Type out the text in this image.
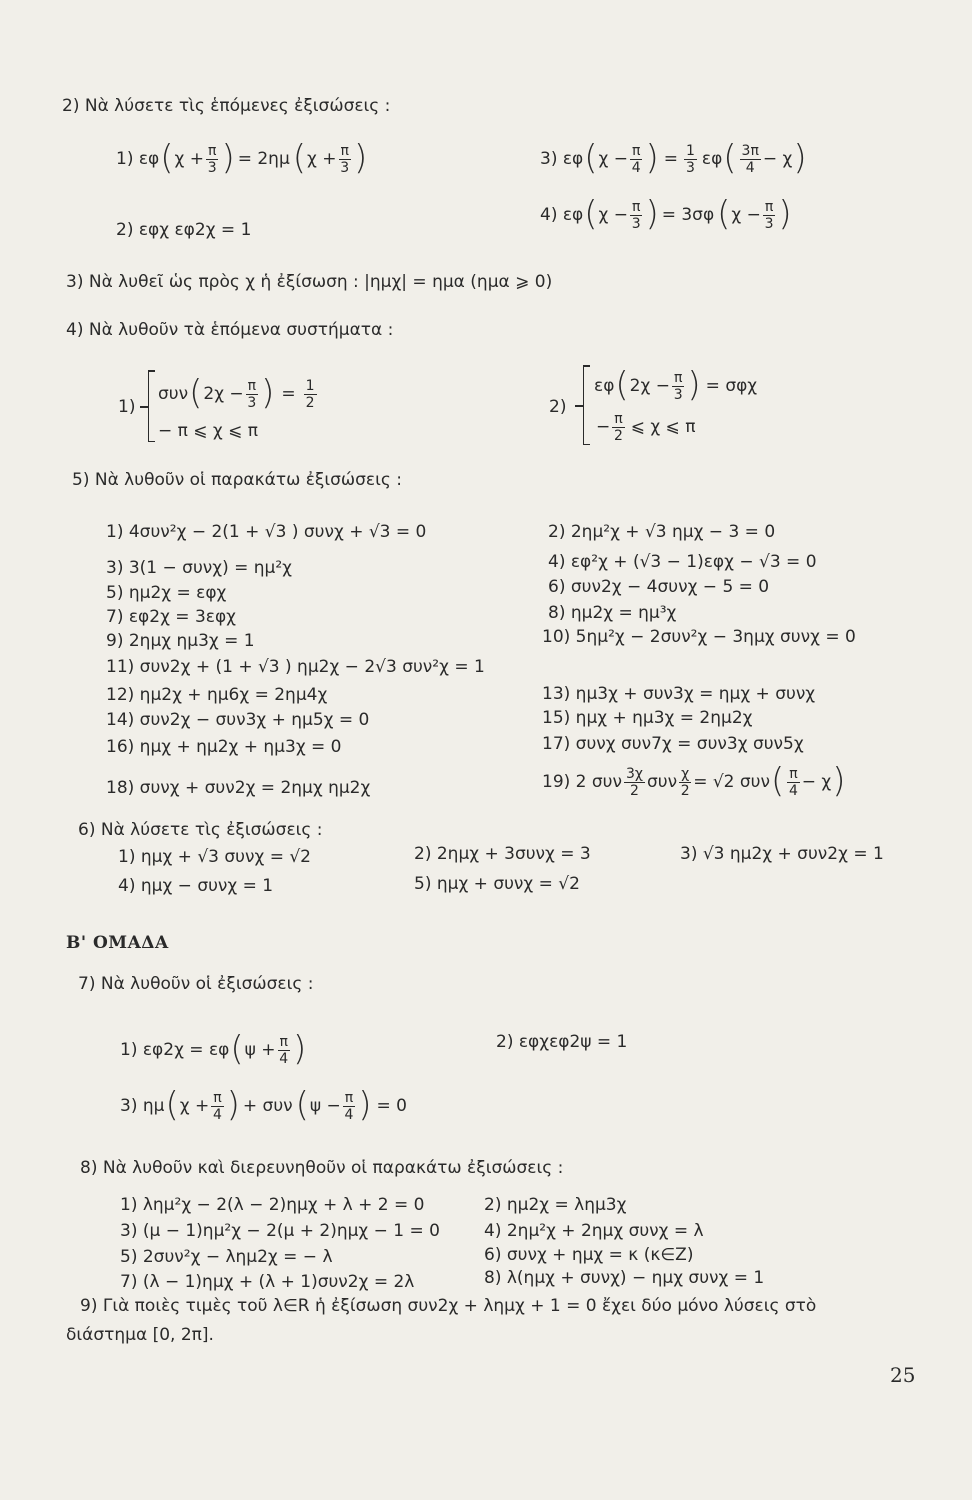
2) Νὰ λύσετε τὶς ἑπόμενες ἐξισώσεις :
1)
εφ ( $\chi + \frac{\pi}{3}$ ) = 2ημ ( $\chi + \frac{\pi}{3}$ )
2) εφχ εφ2χ = 1
3)
εφ ( $\chi - \frac{\pi}{4}$ ) = $\frac{1}{3}$ εφ ( $\frac{3\pi}{4} - \chi$ )
4)
εφ ( $\chi - \frac{\pi}{3}$ ) = 3σφ ( $\chi - \frac{\pi}{3}$ )
3) Νὰ λυθεῖ ὡς πρὸς χ ἡ ἐξίσωση : |ημχ| = ημα (ημα ⩾ 0)
4) Νὰ λυθοῦν τὰ ἑπόμενα συστήματα :
1)
συν ( $2\chi - \frac{\pi}{3}$ ) = $\frac{1}{2}$
− π ⩽ χ ⩽ π
2)
εφ ( $2\chi - \frac{\pi}{3}$ ) = σφχ
− $\frac{\pi}{2}$ ⩽ χ ⩽ π
5) Νὰ λυθοῦν οἱ παρακάτω ἐξισώσεις :
1) 4συν²χ − 2(1 + √3 ) συνχ + √3 = 0
3) 3(1 − συνχ) = ημ²χ
5) ημ2χ = εφχ
7) εφ2χ = 3εφχ
9) 2ημχ ημ3χ = 1
11) συν2χ + (1 + √3 ) ημ2χ − 2√3 συν²χ = 1
12) ημ2χ + ημ6χ = 2ημ4χ
14) συν2χ − συν3χ + ημ5χ = 0
16) ημχ + ημ2χ + ημ3χ = 0
18) συνχ + συν2χ = 2ημχ ημ2χ
2) 2ημ²χ + √3 ημχ − 3 = 0
4) εφ²χ + (√3 − 1)εφχ − √3 = 0
6) συν2χ − 4συνχ − 5 = 0
8) ημ2χ = ημ³χ
10) 5ημ²χ − 2συν²χ − 3ημχ συνχ = 0
13) ημ3χ + συν3χ = ημχ + συνχ
15) ημχ + ημ3χ = 2ημ2χ
17) συνχ συν7χ = συν3χ συν5χ
19) 2 συν $\frac{3\chi}{2}$ συν $\frac{\chi}{2} = √2$ συν ( $\frac{\pi}{4} - \chi$ )
6) Νὰ λύσετε τὶς ἐξισώσεις :
1) ημχ + √3 συνχ = √2	2) 2ημχ + 3συνχ = 3	3) √3 ημ2χ + συν2χ = 1
4) ημχ − συνχ = 1	5) ημχ + συνχ = √2
Β' ΟΜΑΔΑ
7) Νὰ λυθοῦν οἱ ἐξισώσεις :
1) εφ2χ = εφ ( $\psi + \frac{\pi}{4}$ )	2) εφχεφ2ψ = 1
3) ημ ( $\chi + \frac{\pi}{4}$ ) + συν ( $\psi - \frac{\pi}{4}$ ) = 0
8) Νὰ λυθοῦν καὶ διερευνηθοῦν οἱ παρακάτω ἐξισώσεις :
1) λημ²χ − 2(λ − 2)ημχ + λ + 2 = 0
3) (μ − 1)ημ²χ − 2(μ + 2)ημχ − 1 = 0
5) 2συν²χ − λημ2χ = − λ
7) (λ − 1)ημχ + (λ + 1)συν2χ = 2λ
2) ημ2χ = λημ3χ
4) 2ημ²χ + 2ημχ συνχ = λ
6) συνχ + ημχ = κ (κ∈Z)
8) λ(ημχ + συνχ) − ημχ συνχ = 1
9) Γιὰ ποιὲς τιμὲς τοῦ λ∈R ἡ ἐξίσωση συν2χ + λημχ + 1 = 0 ἔχει δύο μόνο λύσεις στὸ
διάστημα [0, 2π].
25
